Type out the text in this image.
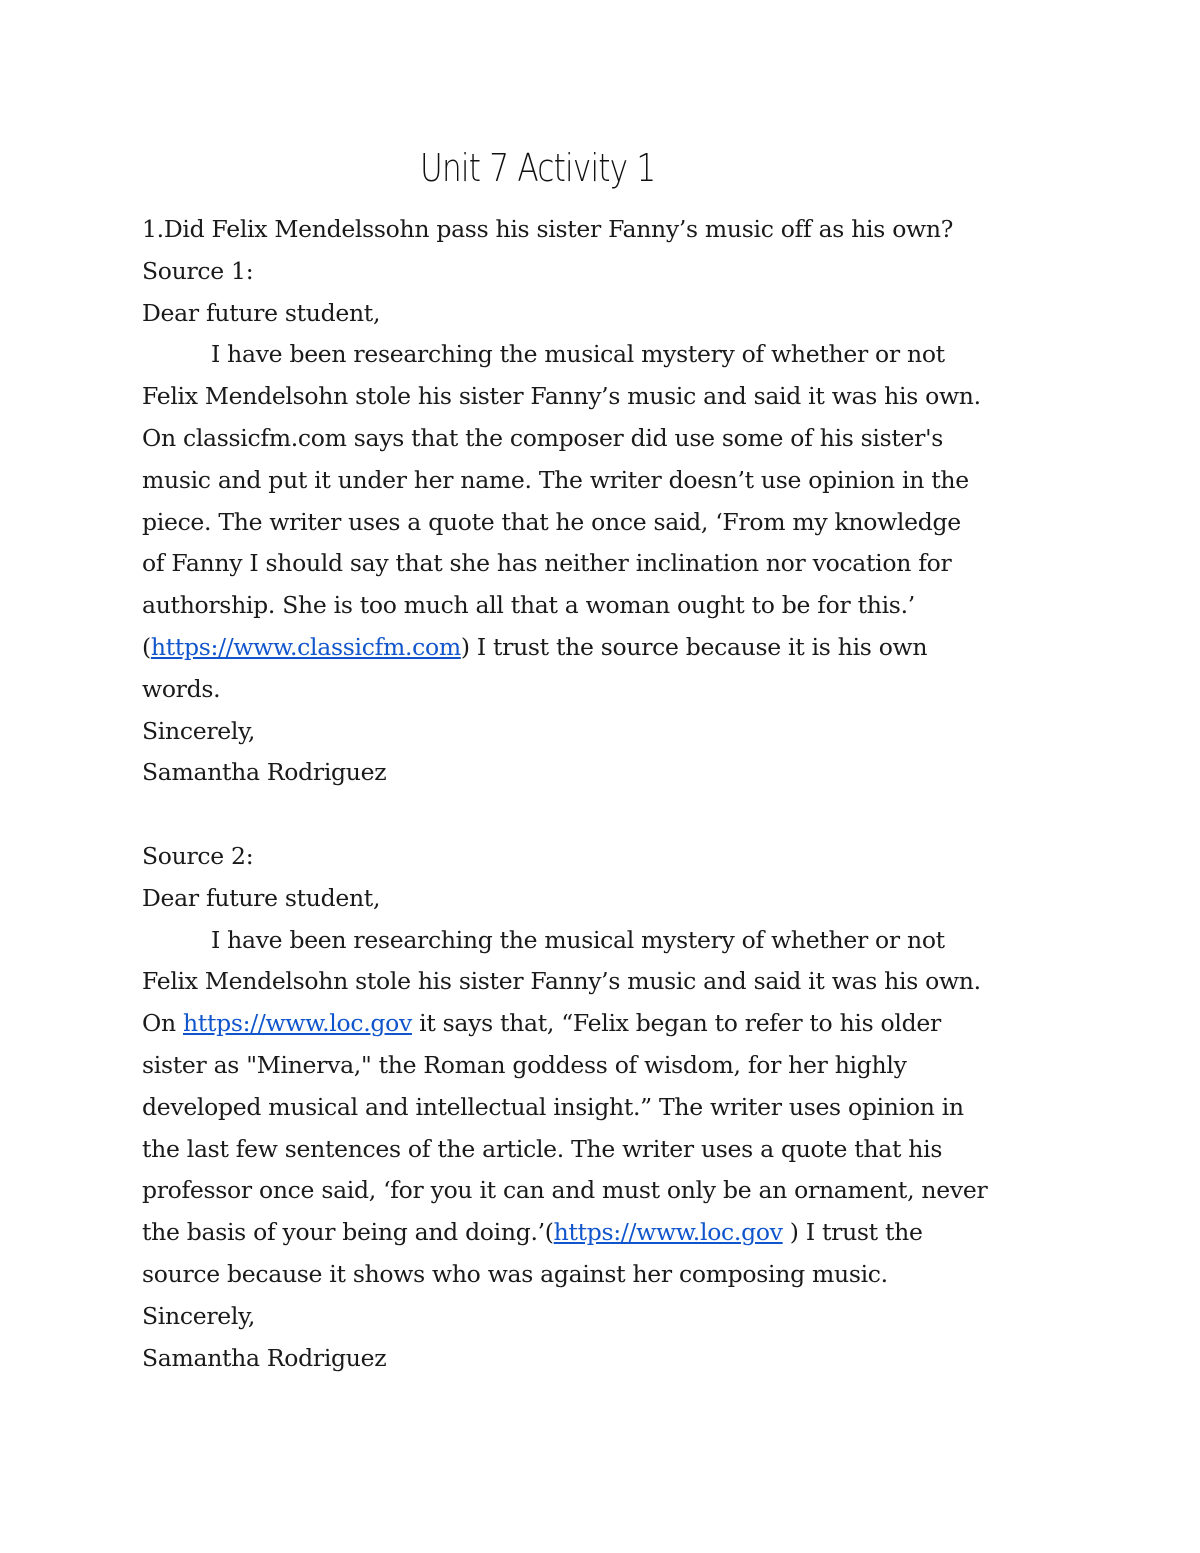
Unit 7 Activity 1
1.Did Felix Mendelssohn pass his sister Fanny’s music off as his own?
Source 1:
Dear future student,
I have been researching the musical mystery of whether or not
Felix Mendelsohn stole his sister Fanny’s music and said it was his own.
On classicfm.com says that the composer did use some of his sister's
music and put it under her name. The writer doesn’t use opinion in the
piece. The writer uses a quote that he once said, ‘From my knowledge
of Fanny I should say that she has neither inclination nor vocation for
authorship. She is too much all that a woman ought to be for this.’
(https://www.classicfm.com) I trust the source because it is his own
words.
Sincerely,
Samantha Rodriguez
Source 2:
Dear future student,
I have been researching the musical mystery of whether or not
Felix Mendelsohn stole his sister Fanny’s music and said it was his own.
On https://www.loc.gov it says that, “Felix began to refer to his older
sister as "Minerva," the Roman goddess of wisdom, for her highly
developed musical and intellectual insight.” The writer uses opinion in
the last few sentences of the article. The writer uses a quote that his
professor once said, ‘for you it can and must only be an ornament, never
the basis of your being and doing.’(https://www.loc.gov ) I trust the
source because it shows who was against her composing music.
Sincerely,
Samantha Rodriguez
